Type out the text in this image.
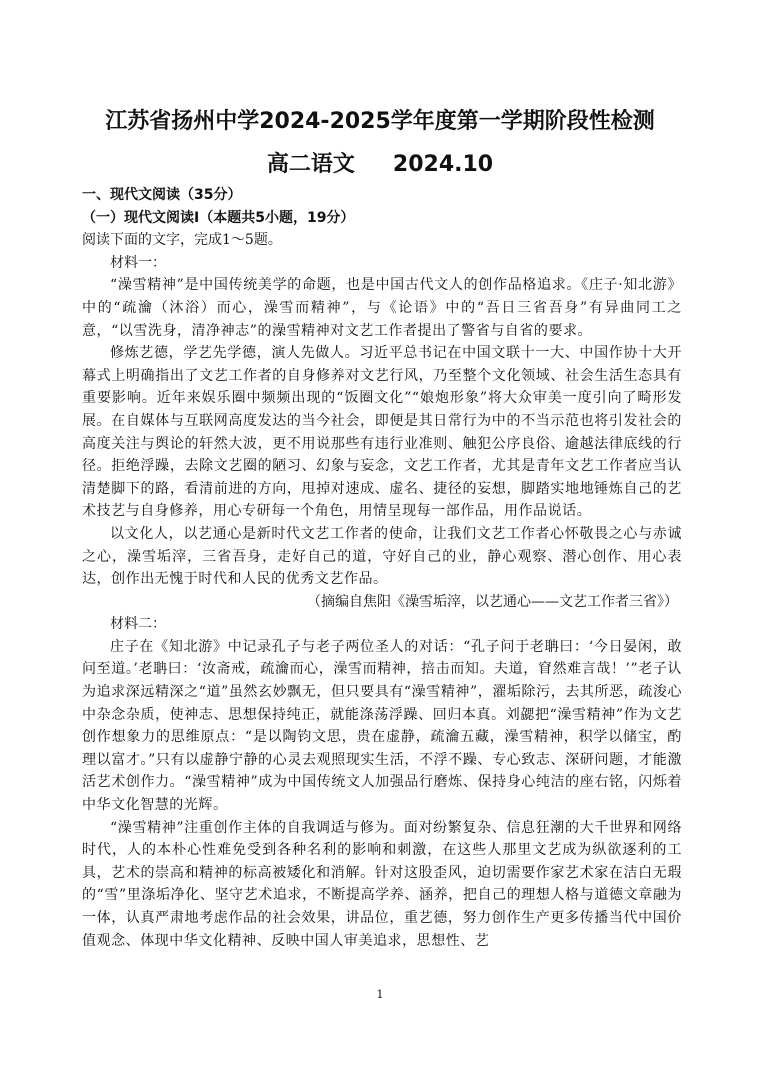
江苏省扬州中学2024-2025学年度第一学期阶段性检测
高二语文 2024.10

一、现代文阅读（35分）

（一）现代文阅读Ⅰ（本题共5小题，19分）

阅读下面的文字，完成1～5题。

材料一：

“澡雪精神”是中国传统美学的命题，也是中国古代文人的创作品格追求。《庄子·知北游》中的“疏瀹（沐浴）而心，澡雪而精神”，与《论语》中的“吾日三省吾身”有异曲同工之意，“以雪洗身，清净神志”的澡雪精神对文艺工作者提出了警省与自省的要求。

修炼艺德，学艺先学德，演人先做人。习近平总书记在中国文联十一大、中国作协十大开幕式上明确指出了文艺工作者的自身修养对文艺行风，乃至整个文化领域、社会生活生态具有重要影响。近年来娱乐圈中频频出现的“饭圈文化”“娘炮形象”将大众审美一度引向了畸形发展。在自媒体与互联网高度发达的当今社会，即便是其日常行为中的不当示范也将引发社会的高度关注与舆论的轩然大波，更不用说那些有违行业准则、触犯公序良俗、逾越法律底线的行径。拒绝浮躁，去除文艺圈的陋习、幻象与妄念，文艺工作者，尤其是青年文艺工作者应当认清楚脚下的路，看清前进的方向，甩掉对速成、虚名、捷径的妄想，脚踏实地地锤炼自己的艺术技艺与自身修养，用心专研每一个角色，用情呈现每一部作品，用作品说话。

以文化人，以艺通心是新时代文艺工作者的使命，让我们文艺工作者心怀敬畏之心与赤诚之心，澡雪垢滓，三省吾身，走好自己的道，守好自己的业，静心观察、潜心创作、用心表达，创作出无愧于时代和人民的优秀文艺作品。

（摘编自焦阳《澡雪垢滓，以艺通心——文艺工作者三省》）

材料二：

庄子在《知北游》中记录孔子与老子两位圣人的对话：“孔子问于老聃曰：‘今日晏闲，敢问至道。’老聃曰：‘汝斋戒，疏瀹而心，澡雪而精神，掊击而知。夫道，窅然难言哉！’”老子认为追求深远精深之“道”虽然玄妙飘无，但只要具有“澡雪精神”，濯垢除污，去其所恶，疏浚心中杂念杂质，使神志、思想保持纯正，就能涤荡浮躁、回归本真。刘勰把“澡雪精神”作为文艺创作想象力的思维原点：“是以陶钧文思，贵在虚静，疏瀹五藏，澡雪精神，积学以储宝，酌理以富才。”只有以虚静宁静的心灵去观照现实生活，不浮不躁、专心致志、深研问题，才能激活艺术创作力。“澡雪精神”成为中国传统文人加强品行磨炼、保持身心纯洁的座右铭，闪烁着中华文化智慧的光辉。

“澡雪精神”注重创作主体的自我调适与修为。面对纷繁复杂、信息狂潮的大千世界和网络时代，人的本朴心性难免受到各种名利的影响和刺激，在这些人那里文艺成为纵欲逐利的工具，艺术的崇高和精神的标高被矮化和消解。针对这股歪风，迫切需要作家艺术家在洁白无瑕的“雪”里涤垢净化、坚守艺术追求，不断提高学养、涵养，把自己的理想人格与道德文章融为一体，认真严肃地考虑作品的社会效果，讲品位，重艺德，努力创作生产更多传播当代中国价值观念、体现中华文化精神、反映中国人审美追求，思想性、艺

1
